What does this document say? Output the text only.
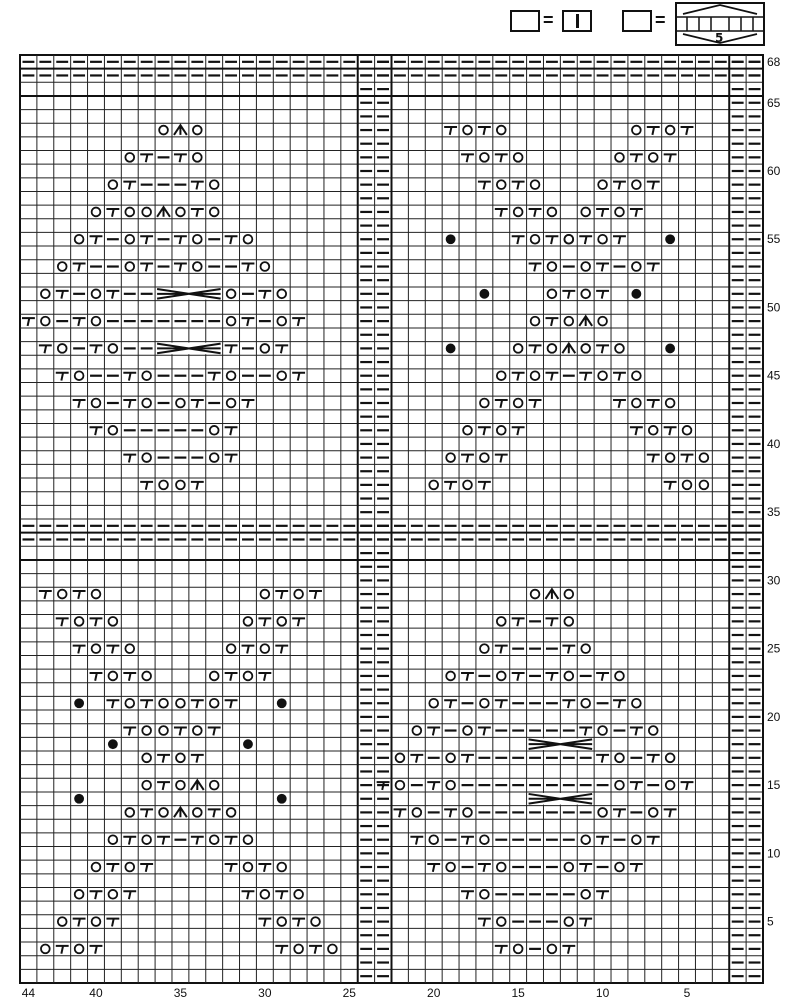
=	=
5
5
10
15
20
25
30
35
40
45
50
55
60
65
68
44	40	35	30	25	20	15	10	5
